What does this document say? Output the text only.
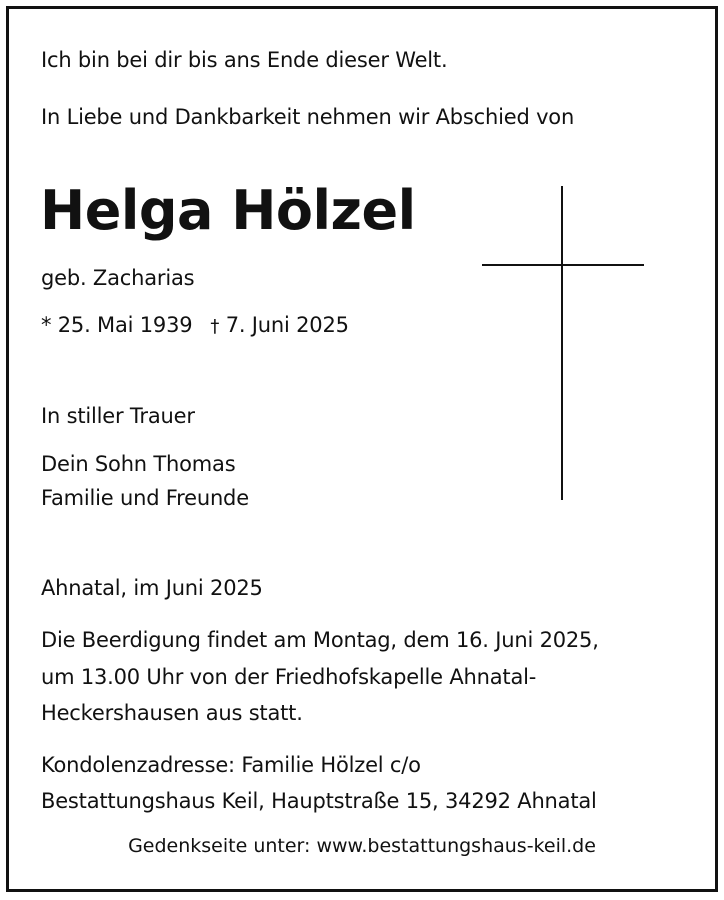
Ich bin bei dir bis ans Ende dieser Welt.

In Liebe und Dankbarkeit nehmen wir Abschied von

Helga Hölzel

geb. Zacharias

* 25. Mai 1939 † 7. Juni 2025

In stiller Trauer

Dein Sohn Thomas

Familie und Freunde

Ahnatal, im Juni 2025

Die Beerdigung findet am Montag, dem 16. Juni 2025,

um 13.00 Uhr von der Friedhofskapelle Ahnatal-

Heckershausen aus statt.

Kondolenzadresse: Familie Hölzel c/o

Bestattungshaus Keil, Hauptstraße 15, 34292 Ahnatal

Gedenkseite unter: www.bestattungshaus-keil.de
